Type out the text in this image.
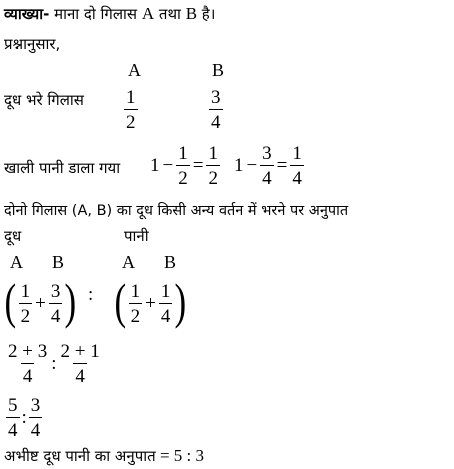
व्याख्या- माना दो गिलास A तथा B है।
प्रश्नानुसार,
A	B
दूध भरे गिलास $\frac{1}{2}$	$\frac{3}{4}$
खाली पानी डाला गया $1 - \frac{1}{2} = \frac{1}{2} 1 - \frac{3}{4} = \frac{1}{4}$
दोनो गिलास (A, B) का दूध किसी अन्य वर्तन में भरने पर अनुपात
दूध	पानी
A B	A B
( $\frac{1}{2} + \frac{3}{4}$ ) : ( $\frac{1}{2} + \frac{1}{4}$ )
$\frac{2 + 3}{4}$ : $\frac{2 + 1}{4}$
$\frac{5}{4}$ : $\frac{3}{4}$
अभीष्ट दूध पानी का अनुपात = 5 : 3
